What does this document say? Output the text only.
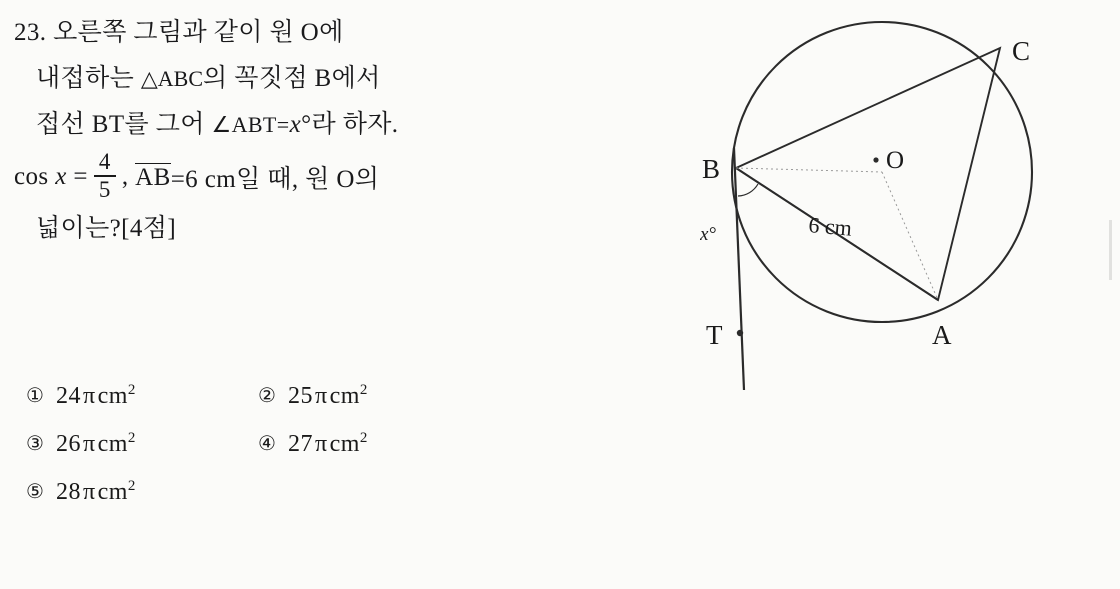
23. 오른쪽 그림과 같이 원 O에
내접하는 △ABC의 꼭짓점 B에서
접선 BT를 그어 ∠ABT=x°라 하자.
cos
x
= $\frac{4}{5}$ ,
AB =6 cm일 때, 원 O의
넓이는?[4점]
① 24πcm$^2$	② 25πcm$^2$
③ 26πcm$^2$	④ 27πcm$^2$
⑤ 28πcm$^2$
O
B
C
A
T
x°	6 cm
